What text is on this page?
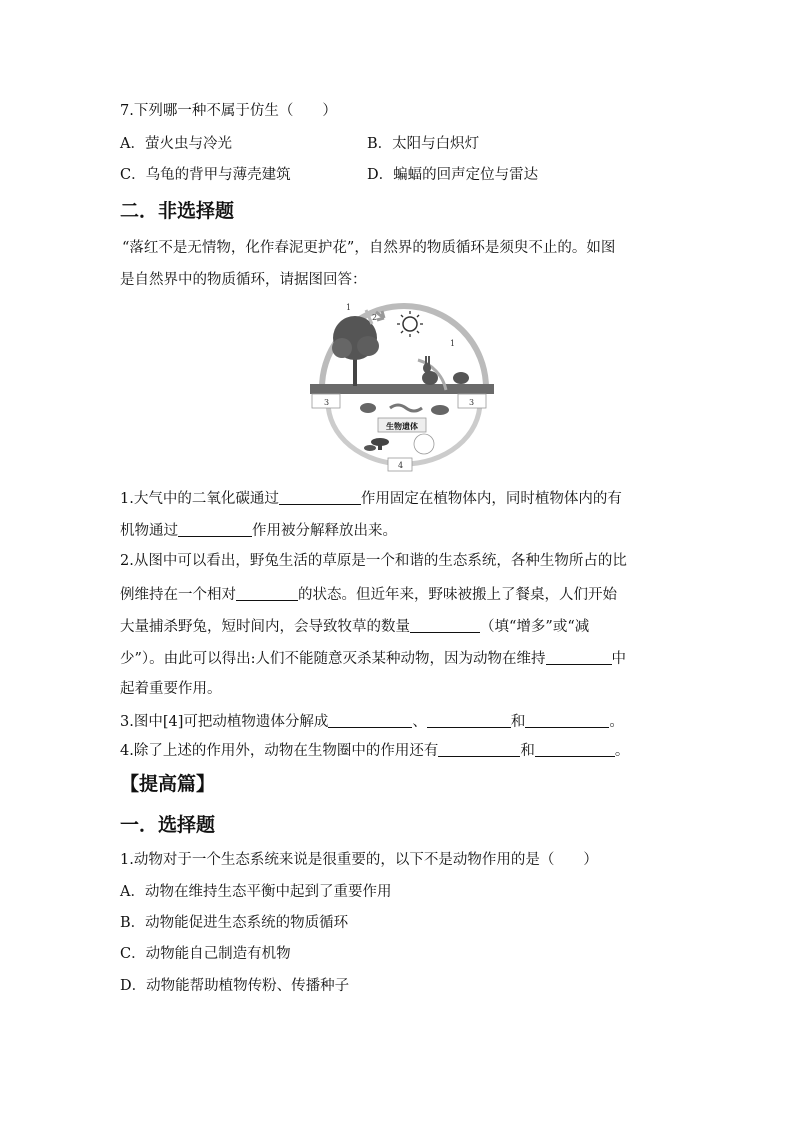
7.下列哪一种不属于仿生（　　）
A．萤火虫与冷光	B．太阳与白炽灯
C．乌龟的背甲与薄壳建筑	D．蝙蝠的回声定位与雷达
二．非选择题
“落红不是无情物，化作春泥更护花”，自然界的物质循环是须臾不止的。如图
是自然界中的物质循环，请据图回答：
1
2
1
3	3
4
生物遗体
1.大气中的二氧化碳通过	作用固定在植物体内，同时植物体内的有
机物通过	作用被分解释放出来。
2.从图中可以看出，野兔生活的草原是一个和谐的生态系统，各种生物所占的比
例维持在一个相对	的状态。但近年来，野味被搬上了餐桌，人们开始
大量捕杀野兔，短时间内，会导致牧草的数量	（填“增多”或“减
少”）。由此可以得出:人们不能随意灭杀某种动物，因为动物在维持	中
起着重要作用。
3.图中[4]可把动植物遗体分解成	、	和	。
4.除了上述的作用外，动物在生物圈中的作用还有	和	。
【提高篇】
一．选择题
1.动物对于一个生态系统来说是很重要的，以下不是动物作用的是（　　）
A．动物在维持生态平衡中起到了重要作用
B．动物能促进生态系统的物质循环
C．动物能自己制造有机物
D．动物能帮助植物传粉、传播种子
